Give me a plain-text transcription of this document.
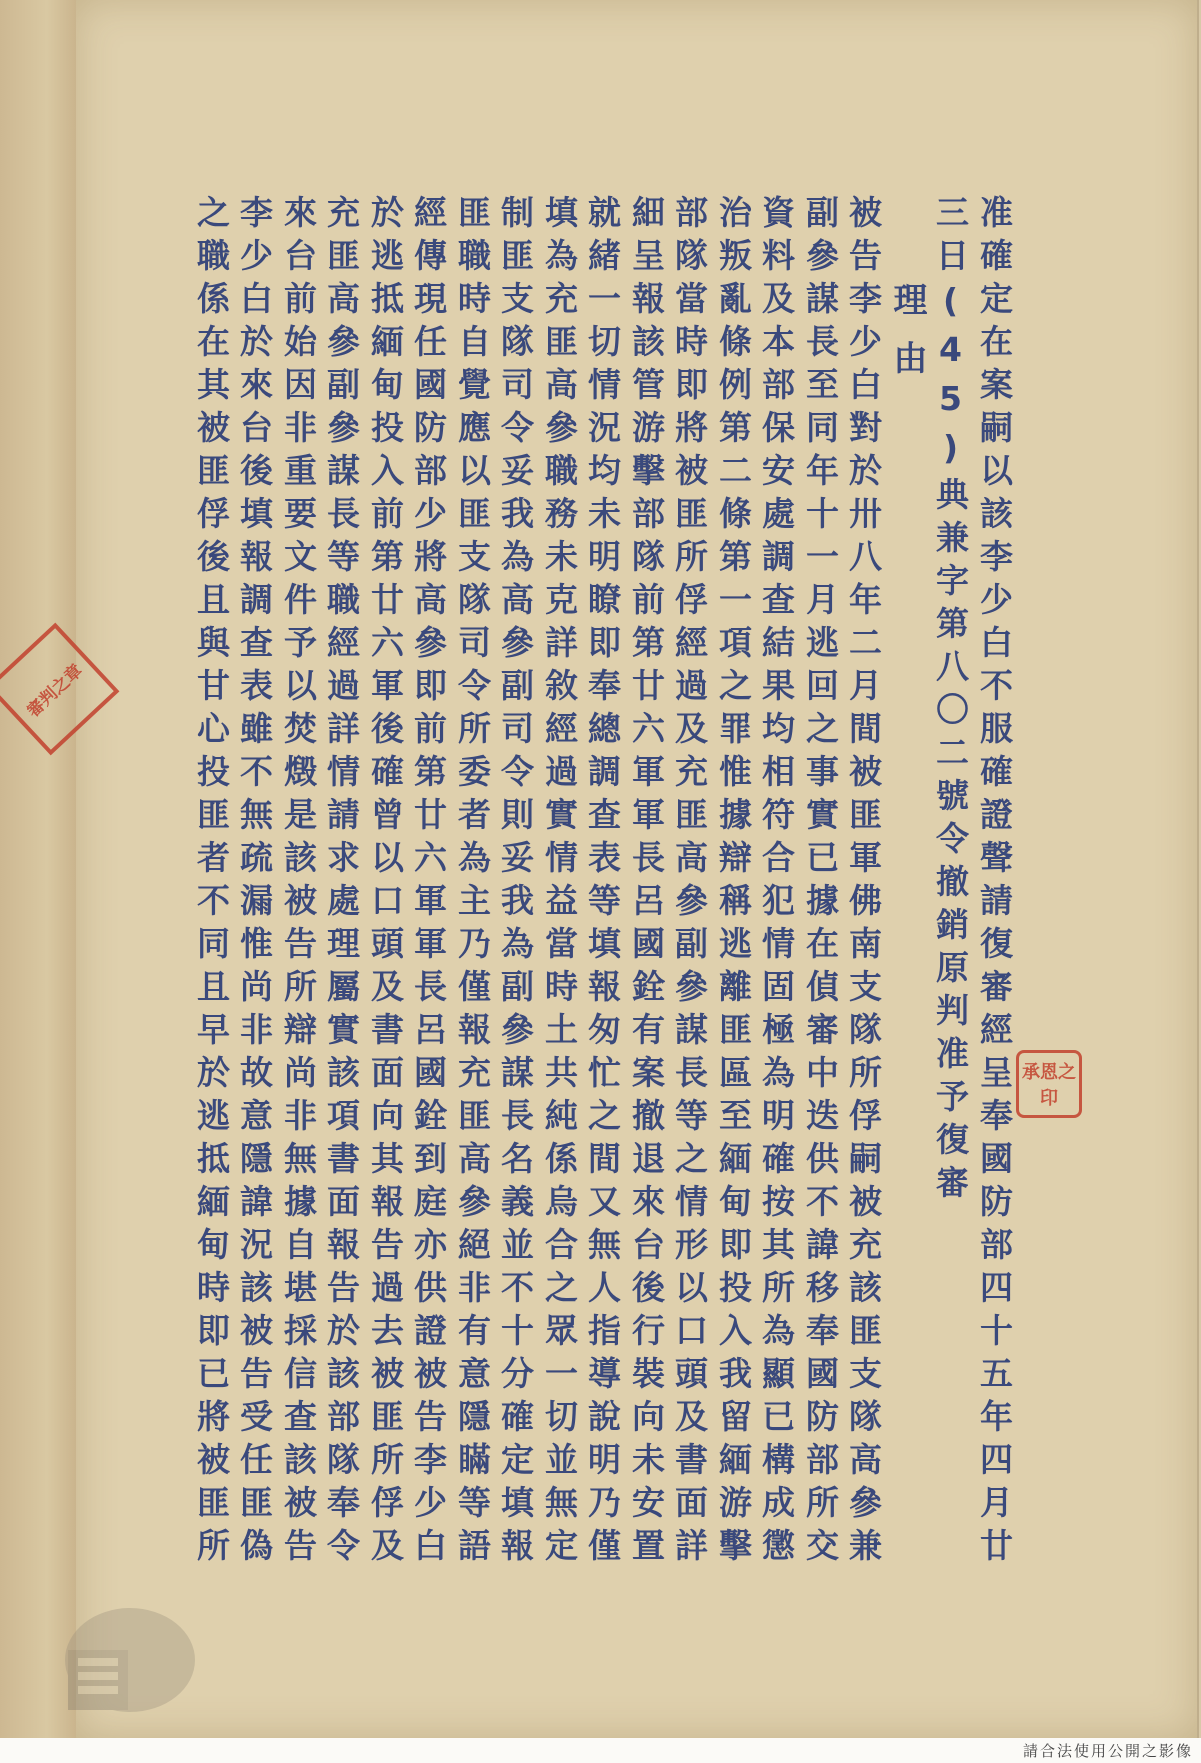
准確定在案嗣以該李少白不服確證聲請復審經呈奉國防部四十五年四月廿
三日(45)典兼字第八〇二號令撤銷原判准予復審
理由
被告李少白對於卅八年二月間被匪軍佛南支隊所俘嗣被充該匪支隊高參兼
副參謀長至同年十一月逃回之事實已據在偵審中迭供不諱移奉國防部所交
資料及本部保安處調查結果均相符合犯情固極為明確按其所為顯已構成懲
治叛亂條例第二條第一項之罪惟據辯稱逃離匪區至緬甸即投入我留緬游擊
部隊當時即將被匪所俘經過及充匪高參副參謀長等之情形以口頭及書面詳
細呈報該管游擊部隊前第廿六軍軍長呂國銓有案撤退來台後行裝向未安置
就緒一切情況均未明瞭即奉總調查表等填報匆忙之間又無人指導說明乃僅
填為充匪高參職務未克詳敘經過實情益當時土共純係烏合之眾一切並無定
制匪支隊司令妥我為高參副司令則妥我為副參謀長名義並不十分確定填報
匪職時自覺應以匪支隊司令所委者為主乃僅報充匪高參絕非有意隱瞞等語
經傳現任國防部少將高參即前第廿六軍軍長呂國銓到庭亦供證被告李少白
於逃抵緬甸投入前第廿六軍後確曾以口頭及書面向其報告過去被匪所俘及
充匪高參副參謀長等職經過詳情請求處理屬實該項書面報告於該部隊奉令
來台前始因非重要文件予以焚燬是該被告所辯尚非無據自堪採信查該被告
李少白於來台後填報調查表雖不無疏漏惟尚非故意隱諱況該被告受任匪偽
之職係在其被匪俘後且與甘心投匪者不同且早於逃抵緬甸時即已將被匪所
審判之章
承恩之印
請合法使用公開之影像
